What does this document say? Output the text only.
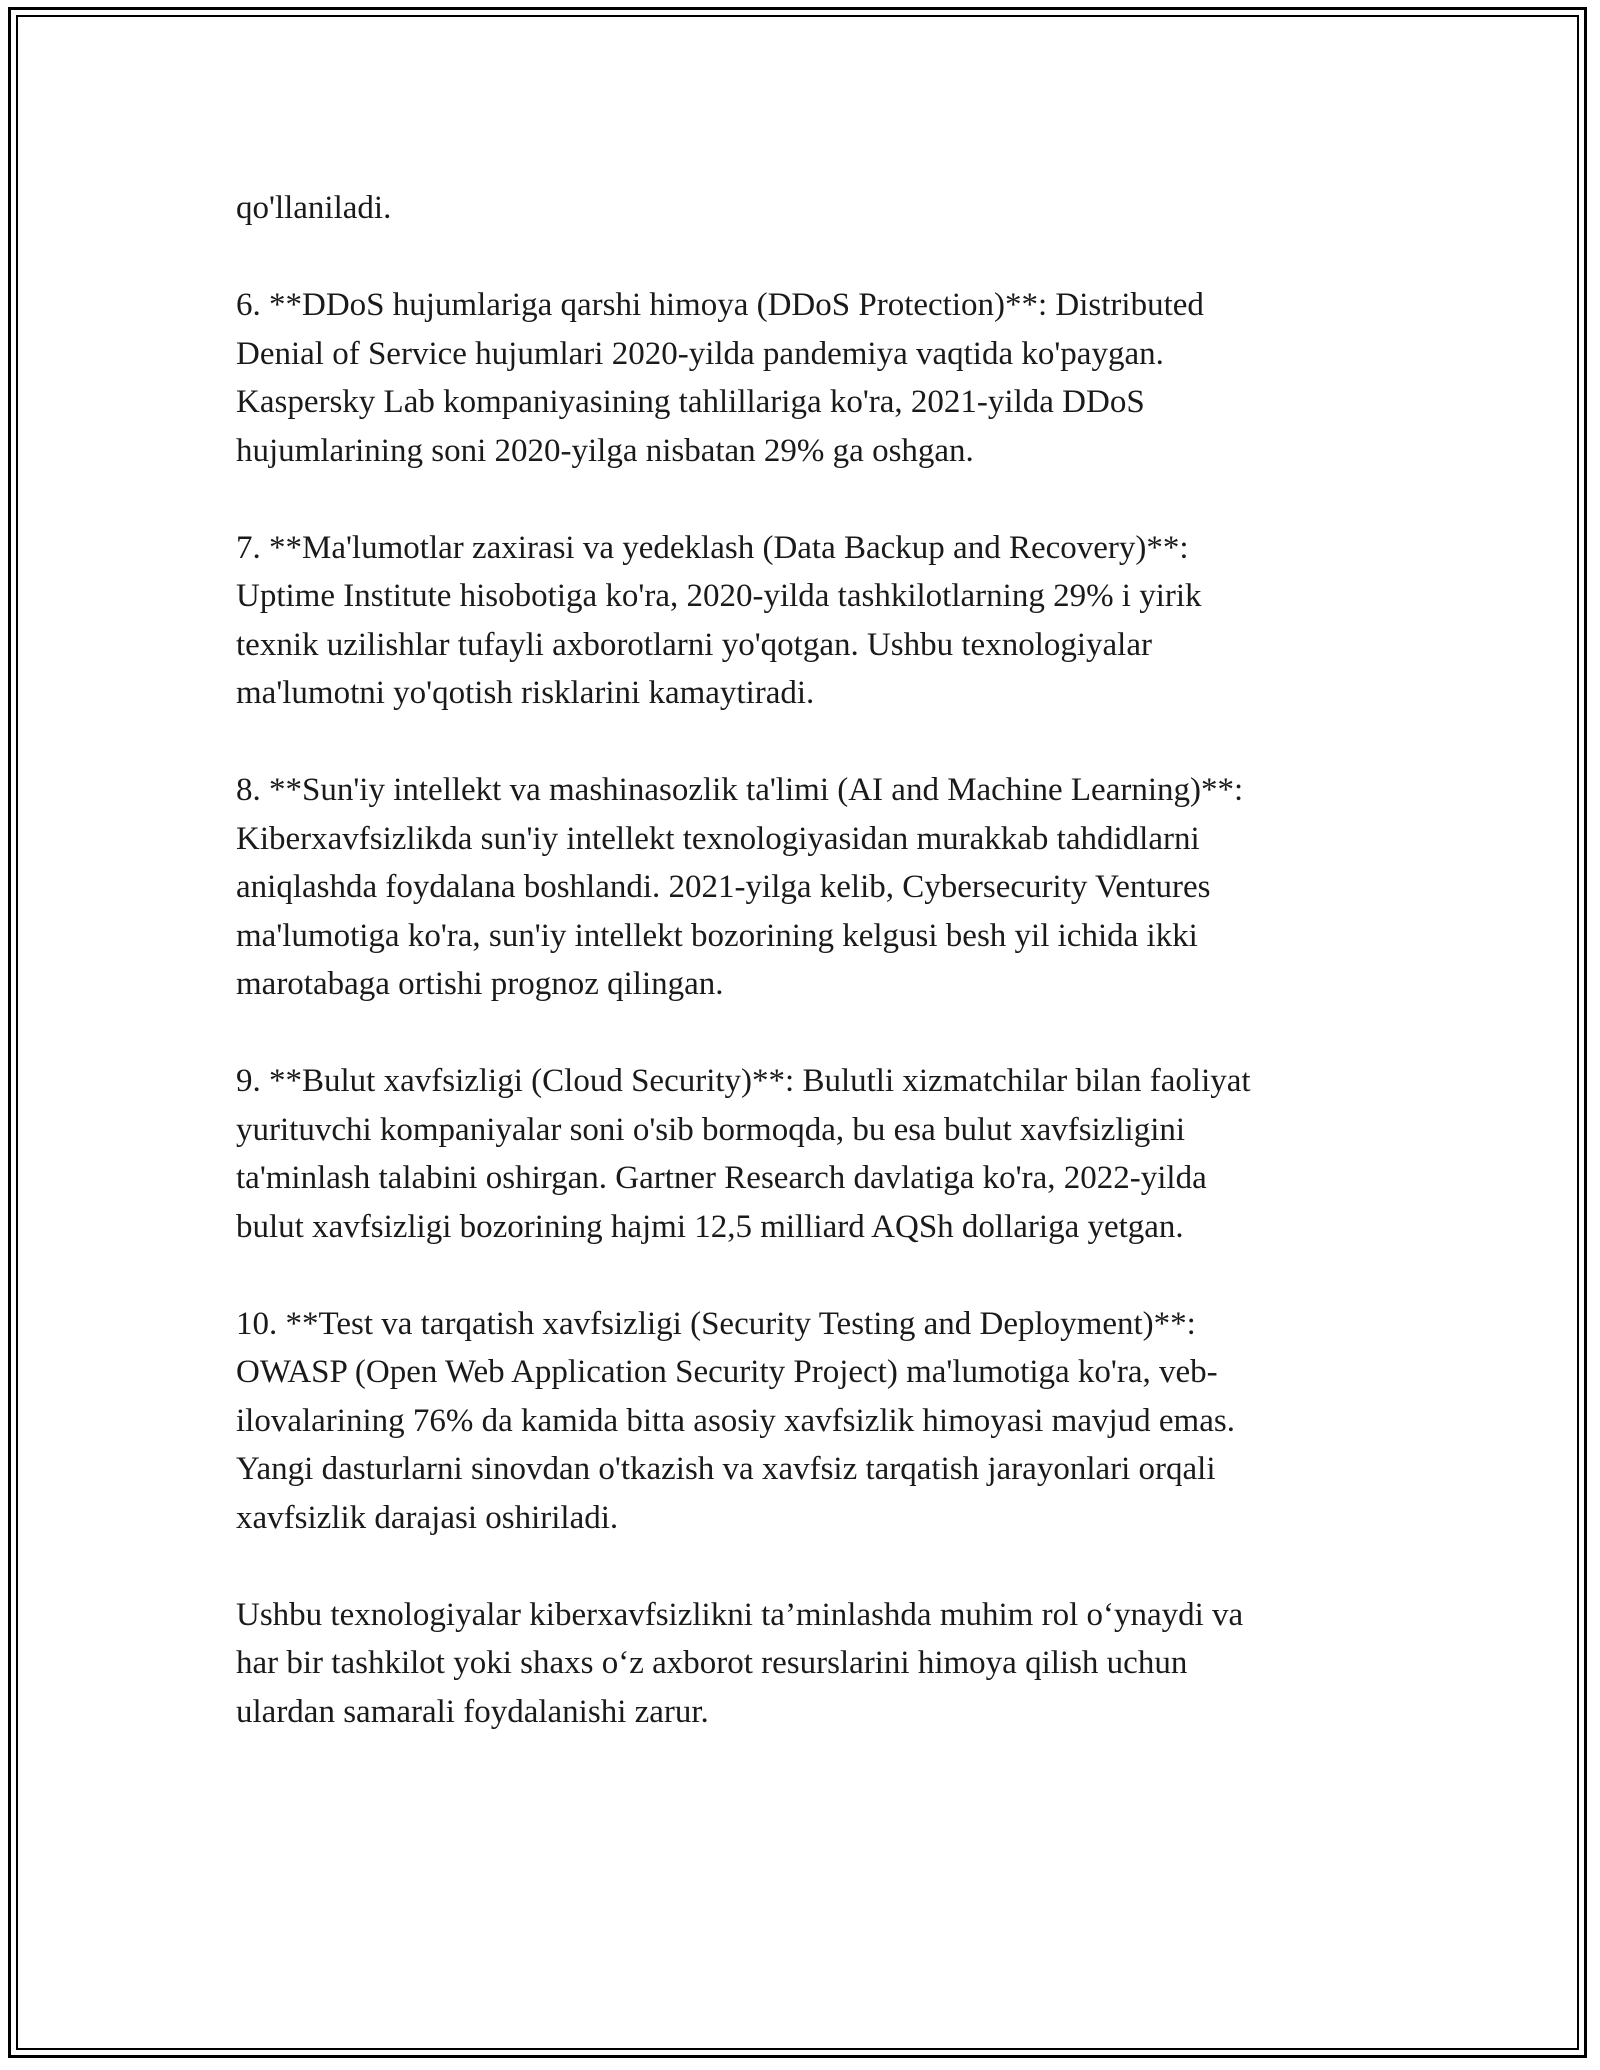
qo'llaniladi.
6. **DDoS hujumlariga qarshi himoya (DDoS Protection)**: Distributed
Denial of Service hujumlari 2020-yilda pandemiya vaqtida ko'paygan.
Kaspersky Lab kompaniyasining tahlillariga ko'ra, 2021-yilda DDoS
hujumlarining soni 2020-yilga nisbatan 29% ga oshgan.
7. **Ma'lumotlar zaxirasi va yedeklash (Data Backup and Recovery)**:
Uptime Institute hisobotiga ko'ra, 2020-yilda tashkilotlarning 29% i yirik
texnik uzilishlar tufayli axborotlarni yo'qotgan. Ushbu texnologiyalar
ma'lumotni yo'qotish risklarini kamaytiradi.
8. **Sun'iy intellekt va mashinasozlik ta'limi (AI and Machine Learning)**:
Kiberxavfsizlikda sun'iy intellekt texnologiyasidan murakkab tahdidlarni
aniqlashda foydalana boshlandi. 2021-yilga kelib, Cybersecurity Ventures
ma'lumotiga ko'ra, sun'iy intellekt bozorining kelgusi besh yil ichida ikki
marotabaga ortishi prognoz qilingan.
9. **Bulut xavfsizligi (Cloud Security)**: Bulutli xizmatchilar bilan faoliyat
yurituvchi kompaniyalar soni o'sib bormoqda, bu esa bulut xavfsizligini
ta'minlash talabini oshirgan. Gartner Research davlatiga ko'ra, 2022-yilda
bulut xavfsizligi bozorining hajmi 12,5 milliard AQSh dollariga yetgan.
10. **Test va tarqatish xavfsizligi (Security Testing and Deployment)**:
OWASP (Open Web Application Security Project) ma'lumotiga ko'ra, veb-
ilovalarining 76% da kamida bitta asosiy xavfsizlik himoyasi mavjud emas.
Yangi dasturlarni sinovdan o'tkazish va xavfsiz tarqatish jarayonlari orqali
xavfsizlik darajasi oshiriladi.
Ushbu texnologiyalar kiberxavfsizlikni ta’minlashda muhim rol o‘ynaydi va
har bir tashkilot yoki shaxs o‘z axborot resurslarini himoya qilish uchun
ulardan samarali foydalanishi zarur.
